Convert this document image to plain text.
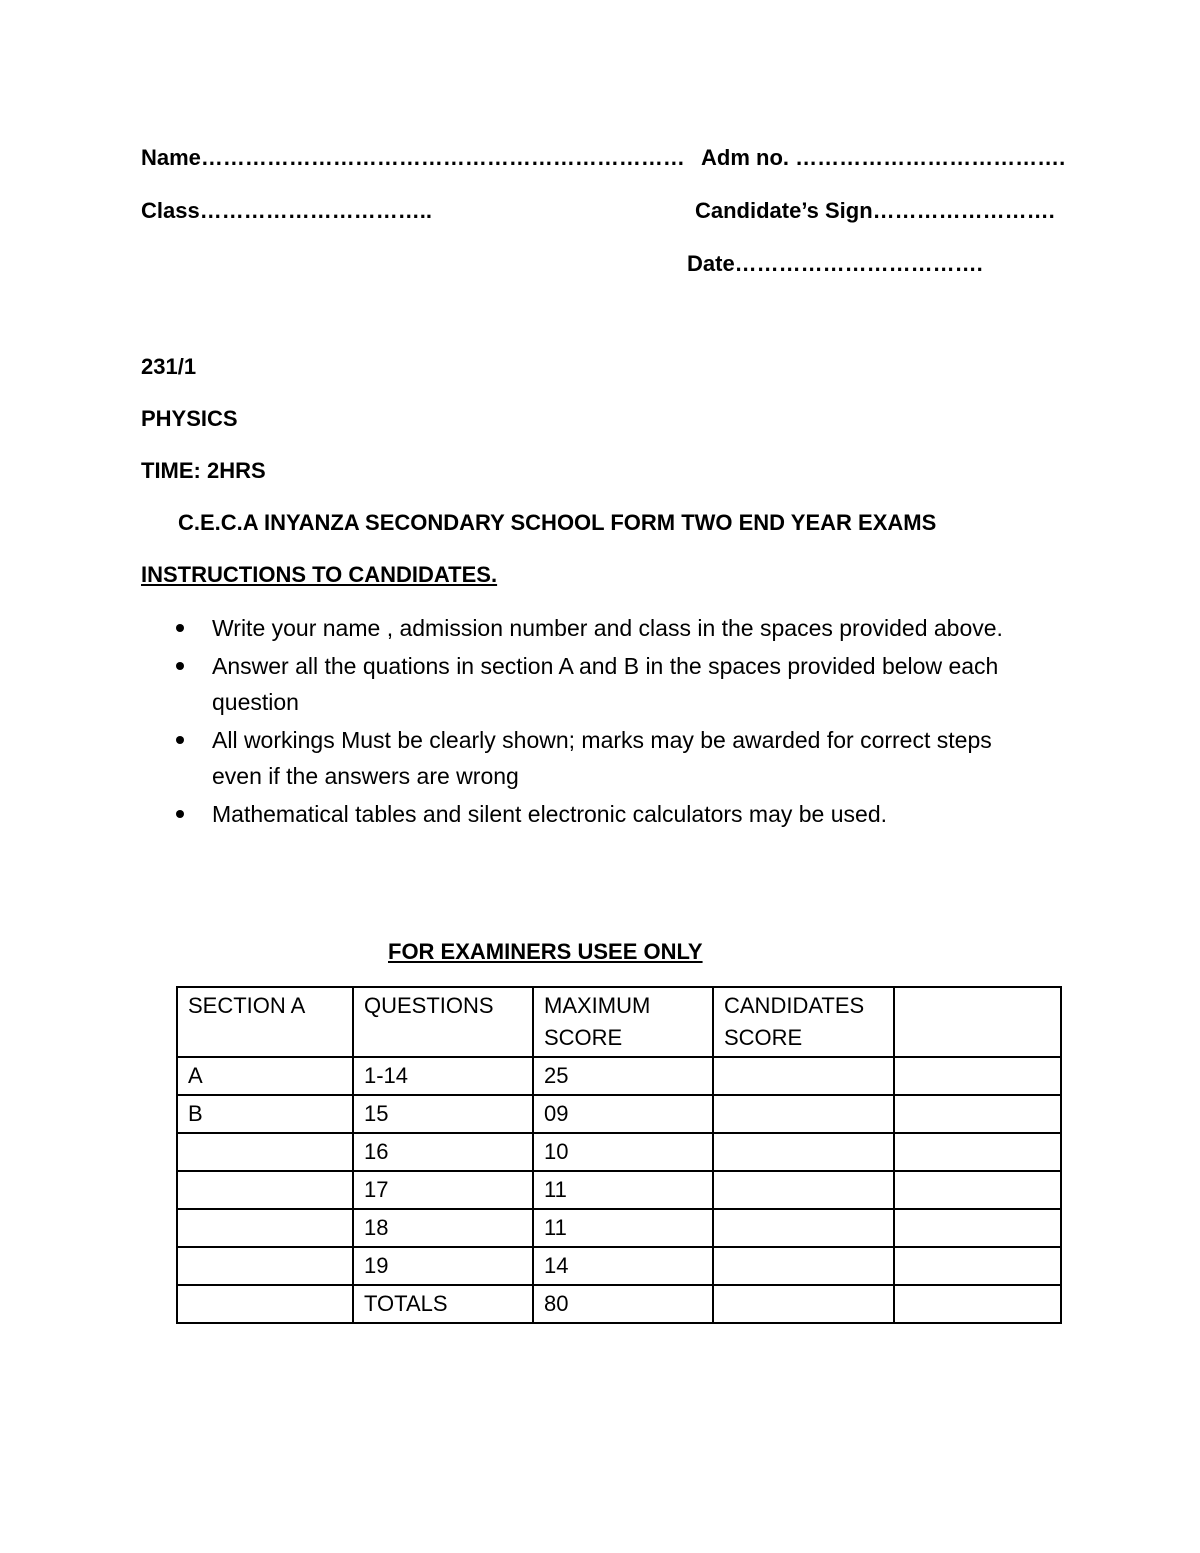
Name………………………………………………………… Adm no. ……………………………….
Class…………………………..	Candidate’s Sign…………………….
Date…………………………….
231/1
PHYSICS
TIME: 2HRS
C.E.C.A INYANZA SECONDARY SCHOOL FORM TWO END YEAR EXAMS
INSTRUCTIONS TO CANDIDATES.
Write your name , admission number and class in the spaces provided above.
Answer all the quations in section A and B in the spaces provided below each question
All workings Must be clearly shown; marks may be awarded for correct steps even if the answers are wrong
Mathematical tables and silent electronic calculators may be used.
FOR EXAMINERS USEE ONLY
SECTION A	QUESTIONS	MAXIMUM SCORE	CANDIDATES SCORE	
A	1-14	25		
B	15	09		
	16	10		
	17	11		
	18	11		
	19	14		
	TOTALS	80		
